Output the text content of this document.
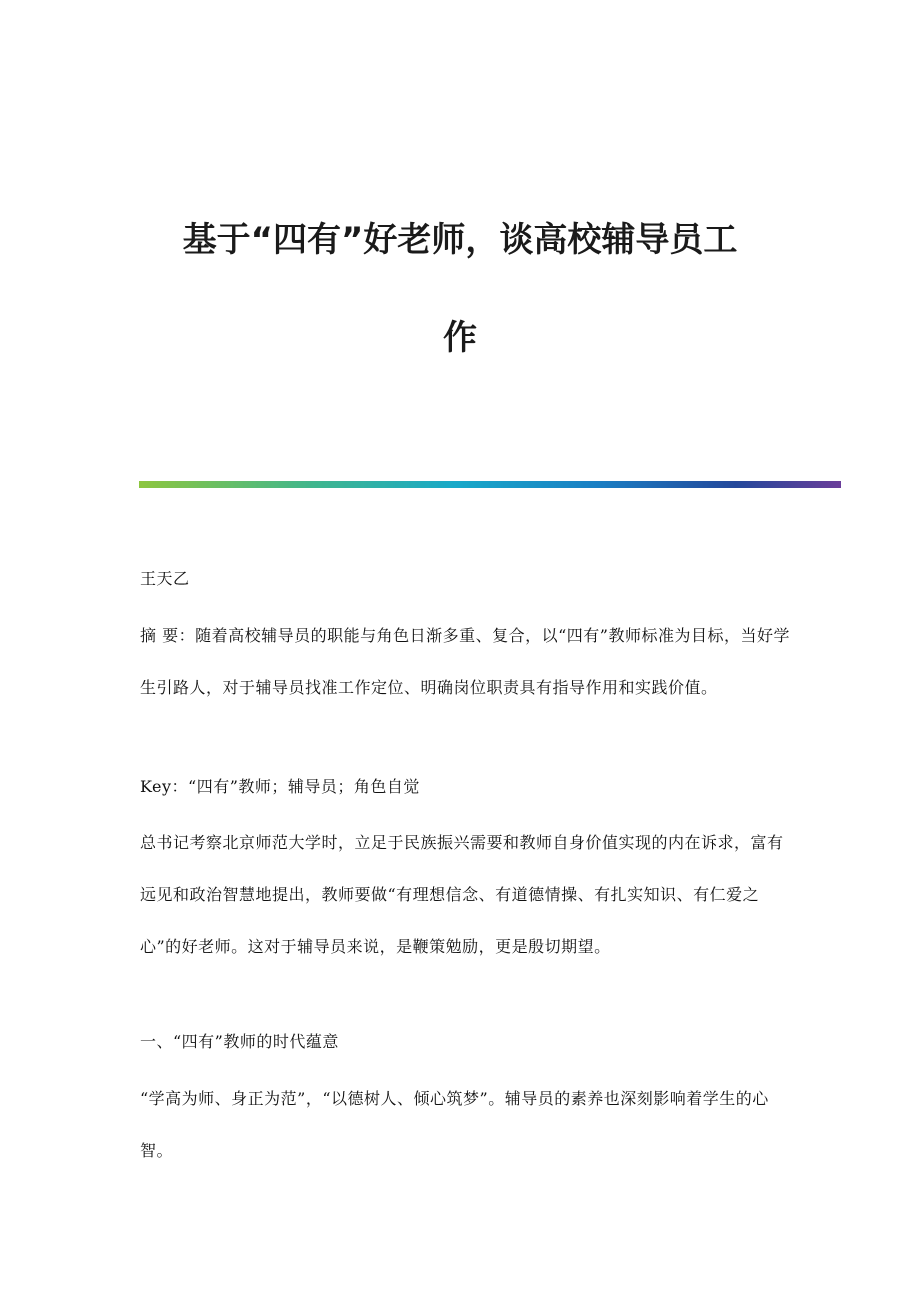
基于“四有”好老师，谈高校辅导员工
作

王天乙

摘 要：随着高校辅导员的职能与角色日渐多重、复合，以“四有”教师标准为目标，当好学生引路人，对于辅导员找准工作定位、明确岗位职责具有指导作用和实践价值。

Key：“四有”教师；辅导员；角色自觉

总书记考察北京师范大学时，立足于民族振兴需要和教师自身价值实现的内在诉求，富有远见和政治智慧地提出，教师要做“有理想信念、有道德情操、有扎实知识、有仁爱之心”的好老师。这对于辅导员来说，是鞭策勉励，更是殷切期望。

一、“四有”教师的时代蕴意

“学高为师、身正为范”，“以德树人、倾心筑梦”。辅导员的素养也深刻影响着学生的心智。
